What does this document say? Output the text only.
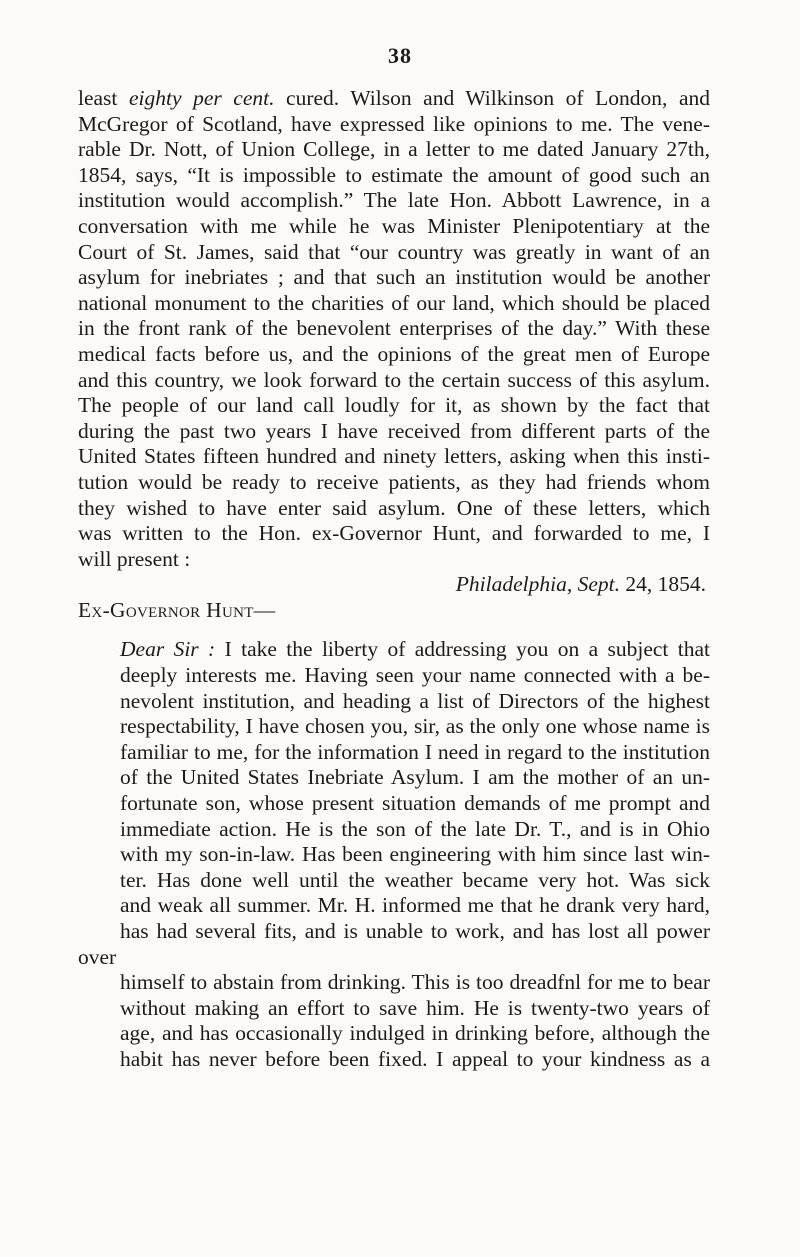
38
least eighty per cent. cured. Wilson and Wilkinson of London, and
McGregor of Scotland, have expressed like opinions to me. The vene-
rable Dr. Nott, of Union College, in a letter to me dated January 27th,
1854, says, “It is impossible to estimate the amount of good such an
institution would accomplish.” The late Hon. Abbott Lawrence, in a
conversation with me while he was Minister Plenipotentiary at the
Court of St. James, said that “our country was greatly in want of an
asylum for inebriates ; and that such an institution would be another
national monument to the charities of our land, which should be placed
in the front rank of the benevolent enterprises of the day.” With these
medical facts before us, and the opinions of the great men of Europe
and this country, we look forward to the certain success of this asylum.
The people of our land call loudly for it, as shown by the fact that
during the past two years I have received from different parts of the
United States fifteen hundred and ninety letters, asking when this insti-
tution would be ready to receive patients, as they had friends whom
they wished to have enter said asylum. One of these letters, which
was written to the Hon. ex-Governor Hunt, and forwarded to me, I
will present :
Philadelphia, Sept. 24, 1854.
Ex-Governor Hunt—
Dear Sir : I take the liberty of addressing you on a subject that
deeply interests me. Having seen your name connected with a be-
nevolent institution, and heading a list of Directors of the highest
respectability, I have chosen you, sir, as the only one whose name is
familiar to me, for the information I need in regard to the institution
of the United States Inebriate Asylum. I am the mother of an un-
fortunate son, whose present situation demands of me prompt and
immediate action. He is the son of the late Dr. T., and is in Ohio
with my son-in-law. Has been engineering with him since last win-
ter. Has done well until the weather became very hot. Was sick
and weak all summer. Mr. H. informed me that he drank very hard,
has had several fits, and is unable to work, and has lost all power over
himself to abstain from drinking. This is too dreadfnl for me to bear
without making an effort to save him. He is twenty-two years of
age, and has occasionally indulged in drinking before, although the
habit has never before been fixed. I appeal to your kindness as a
